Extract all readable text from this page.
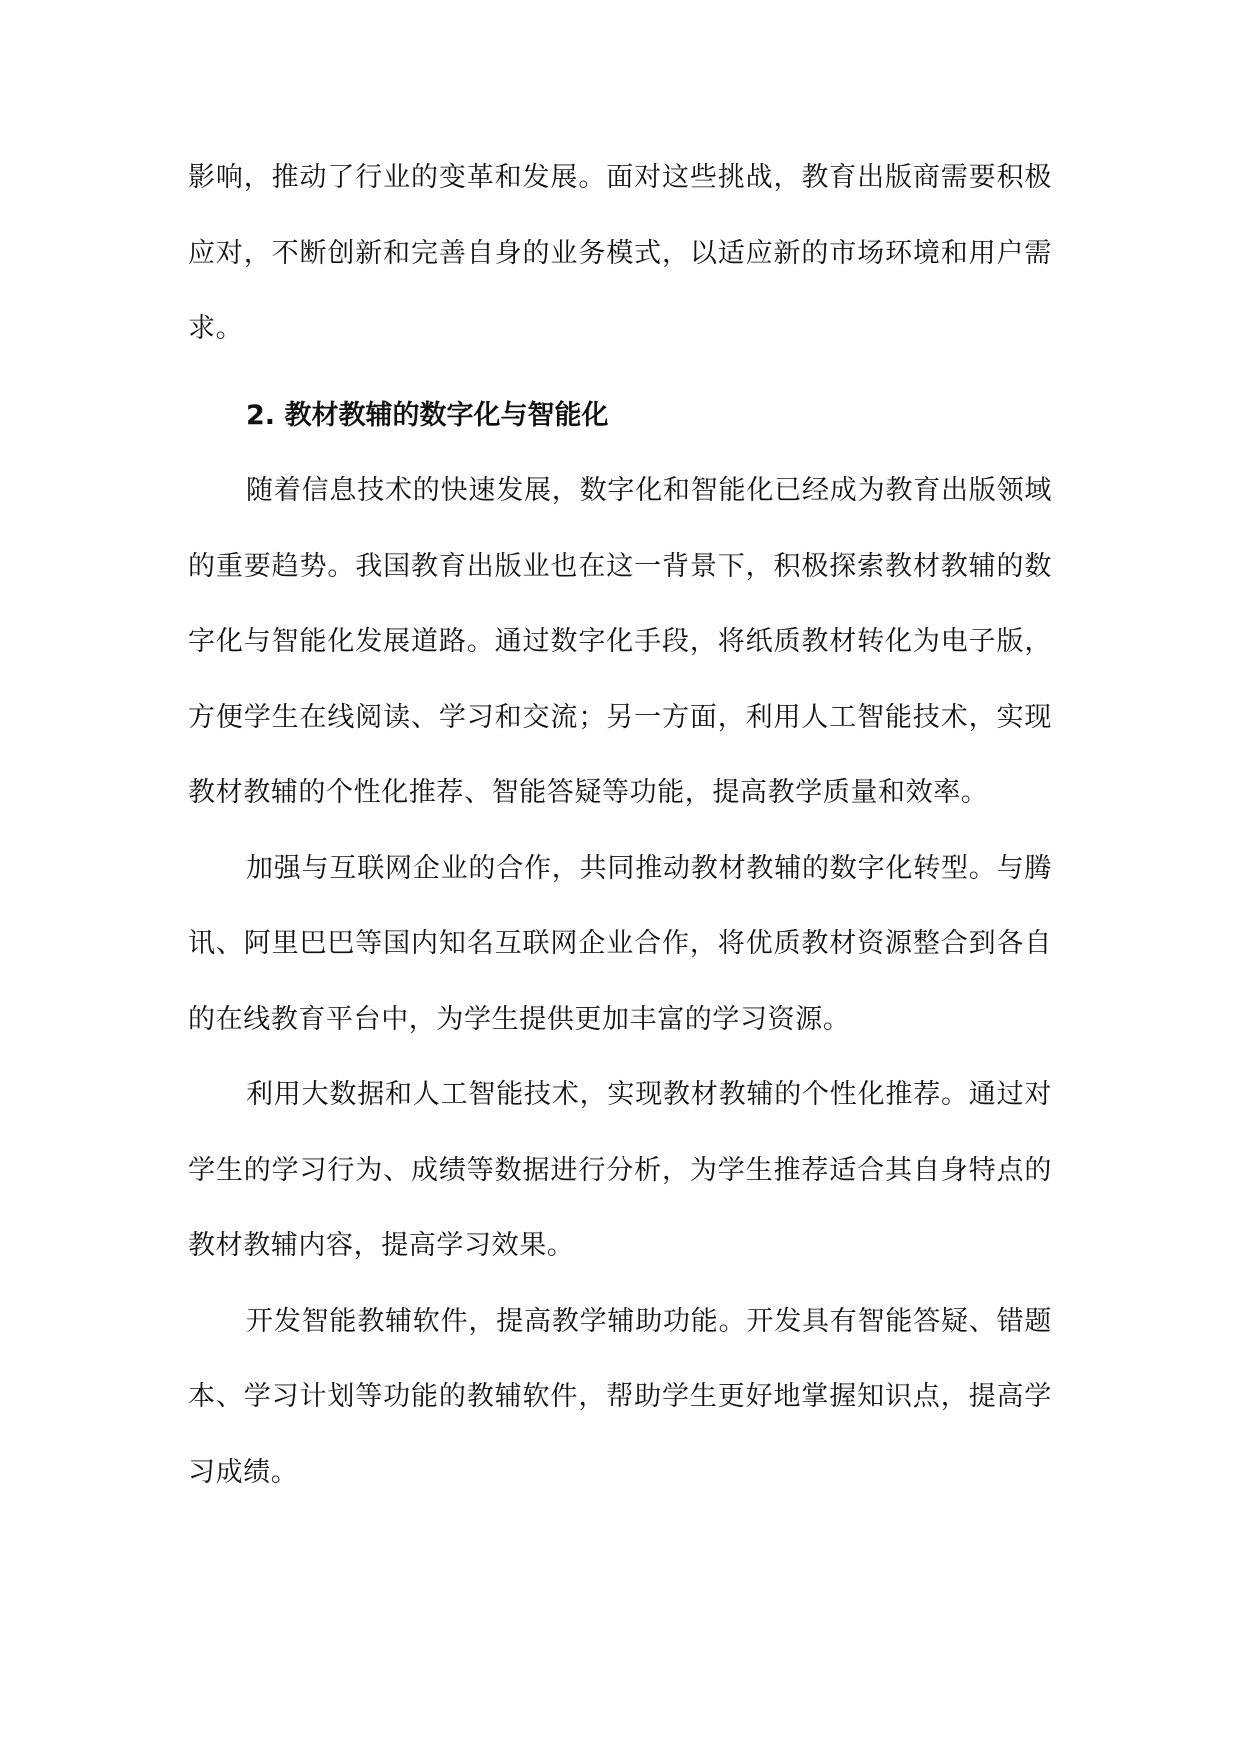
影响，推动了行业的变革和发展。面对这些挑战，教育出版商需要积极应对，不断创新和完善自身的业务模式，以适应新的市场环境和用户需求。

2. 教材教辅的数字化与智能化

随着信息技术的快速发展，数字化和智能化已经成为教育出版领域的重要趋势。我国教育出版业也在这一背景下，积极探索教材教辅的数字化与智能化发展道路。通过数字化手段，将纸质教材转化为电子版，方便学生在线阅读、学习和交流；另一方面，利用人工智能技术，实现教材教辅的个性化推荐、智能答疑等功能，提高教学质量和效率。

加强与互联网企业的合作，共同推动教材教辅的数字化转型。与腾讯、阿里巴巴等国内知名互联网企业合作，将优质教材资源整合到各自的在线教育平台中，为学生提供更加丰富的学习资源。

利用大数据和人工智能技术，实现教材教辅的个性化推荐。通过对学生的学习行为、成绩等数据进行分析，为学生推荐适合其自身特点的教材教辅内容，提高学习效果。

开发智能教辅软件，提高教学辅助功能。开发具有智能答疑、错题本、学习计划等功能的教辅软件，帮助学生更好地掌握知识点，提高学习成绩。
